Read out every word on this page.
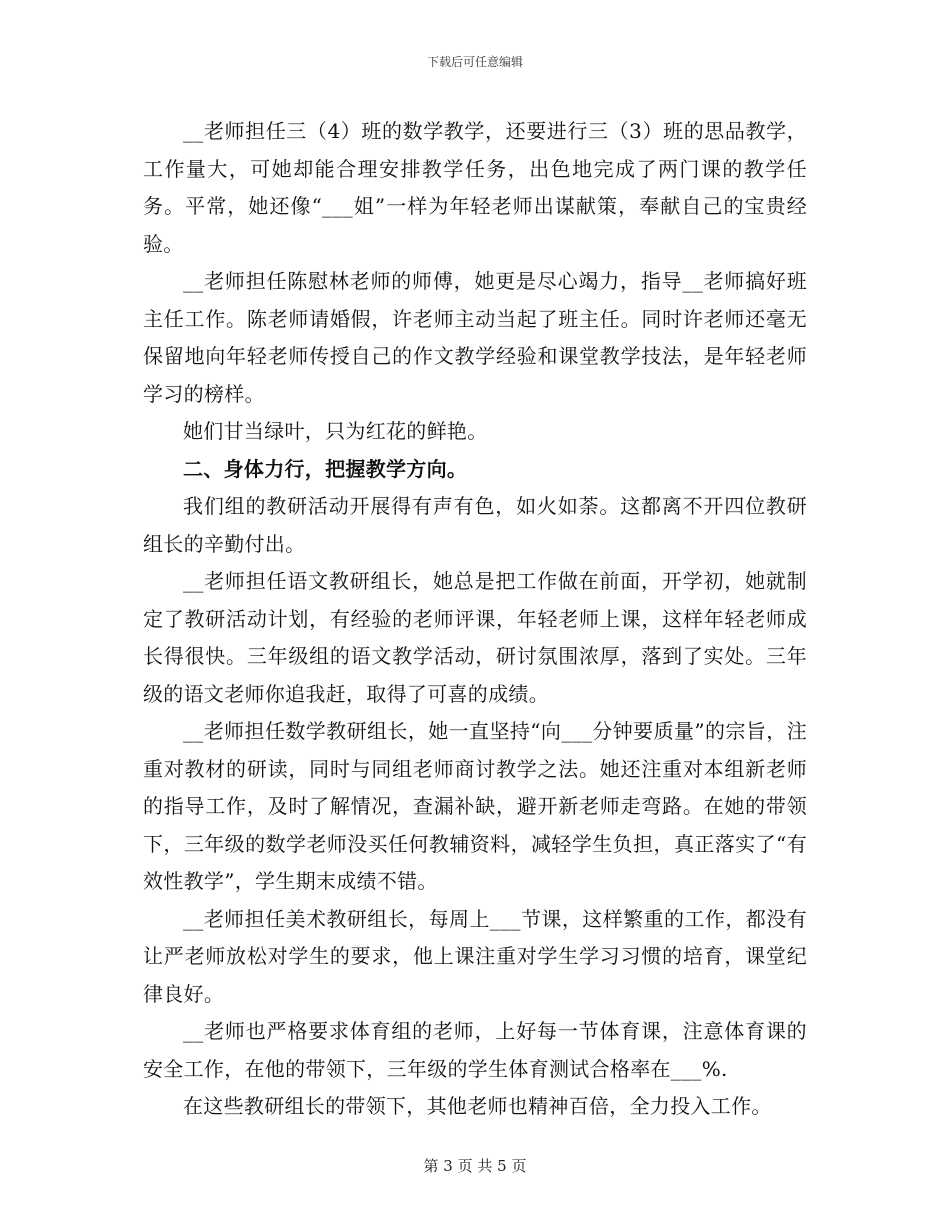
下载后可任意编辑

__老师担任三（4）班的数学教学，还要进行三（3）班的思品教学，工作量大，可她却能合理安排教学任务，出色地完成了两门课的教学任务。平常，她还像“___姐”一样为年轻老师出谋献策，奉献自己的宝贵经验。

__老师担任陈慰林老师的师傅，她更是尽心竭力，指导__老师搞好班主任工作。陈老师请婚假，许老师主动当起了班主任。同时许老师还毫无保留地向年轻老师传授自己的作文教学经验和课堂教学技法，是年轻老师学习的榜样。

她们甘当绿叶，只为红花的鲜艳。

二、身体力行，把握教学方向。

我们组的教研活动开展得有声有色，如火如荼。这都离不开四位教研组长的辛勤付出。

__老师担任语文教研组长，她总是把工作做在前面，开学初，她就制定了教研活动计划，有经验的老师评课，年轻老师上课，这样年轻老师成长得很快。三年级组的语文教学活动，研讨氛围浓厚，落到了实处。三年级的语文老师你追我赶，取得了可喜的成绩。

__老师担任数学教研组长，她一直坚持“向___分钟要质量”的宗旨，注重对教材的研读，同时与同组老师商讨教学之法。她还注重对本组新老师的指导工作，及时了解情况，查漏补缺，避开新老师走弯路。在她的带领下，三年级的数学老师没买任何教辅资料，减轻学生负担，真正落实了“有效性教学”，学生期末成绩不错。

__老师担任美术教研组长，每周上___节课，这样繁重的工作，都没有让严老师放松对学生的要求，他上课注重对学生学习习惯的培育，课堂纪律良好。

__老师也严格要求体育组的老师，上好每一节体育课，注意体育课的安全工作，在他的带领下，三年级的学生体育测试合格率在___%.

在这些教研组长的带领下，其他老师也精神百倍，全力投入工作。

第 3 页 共 5 页
